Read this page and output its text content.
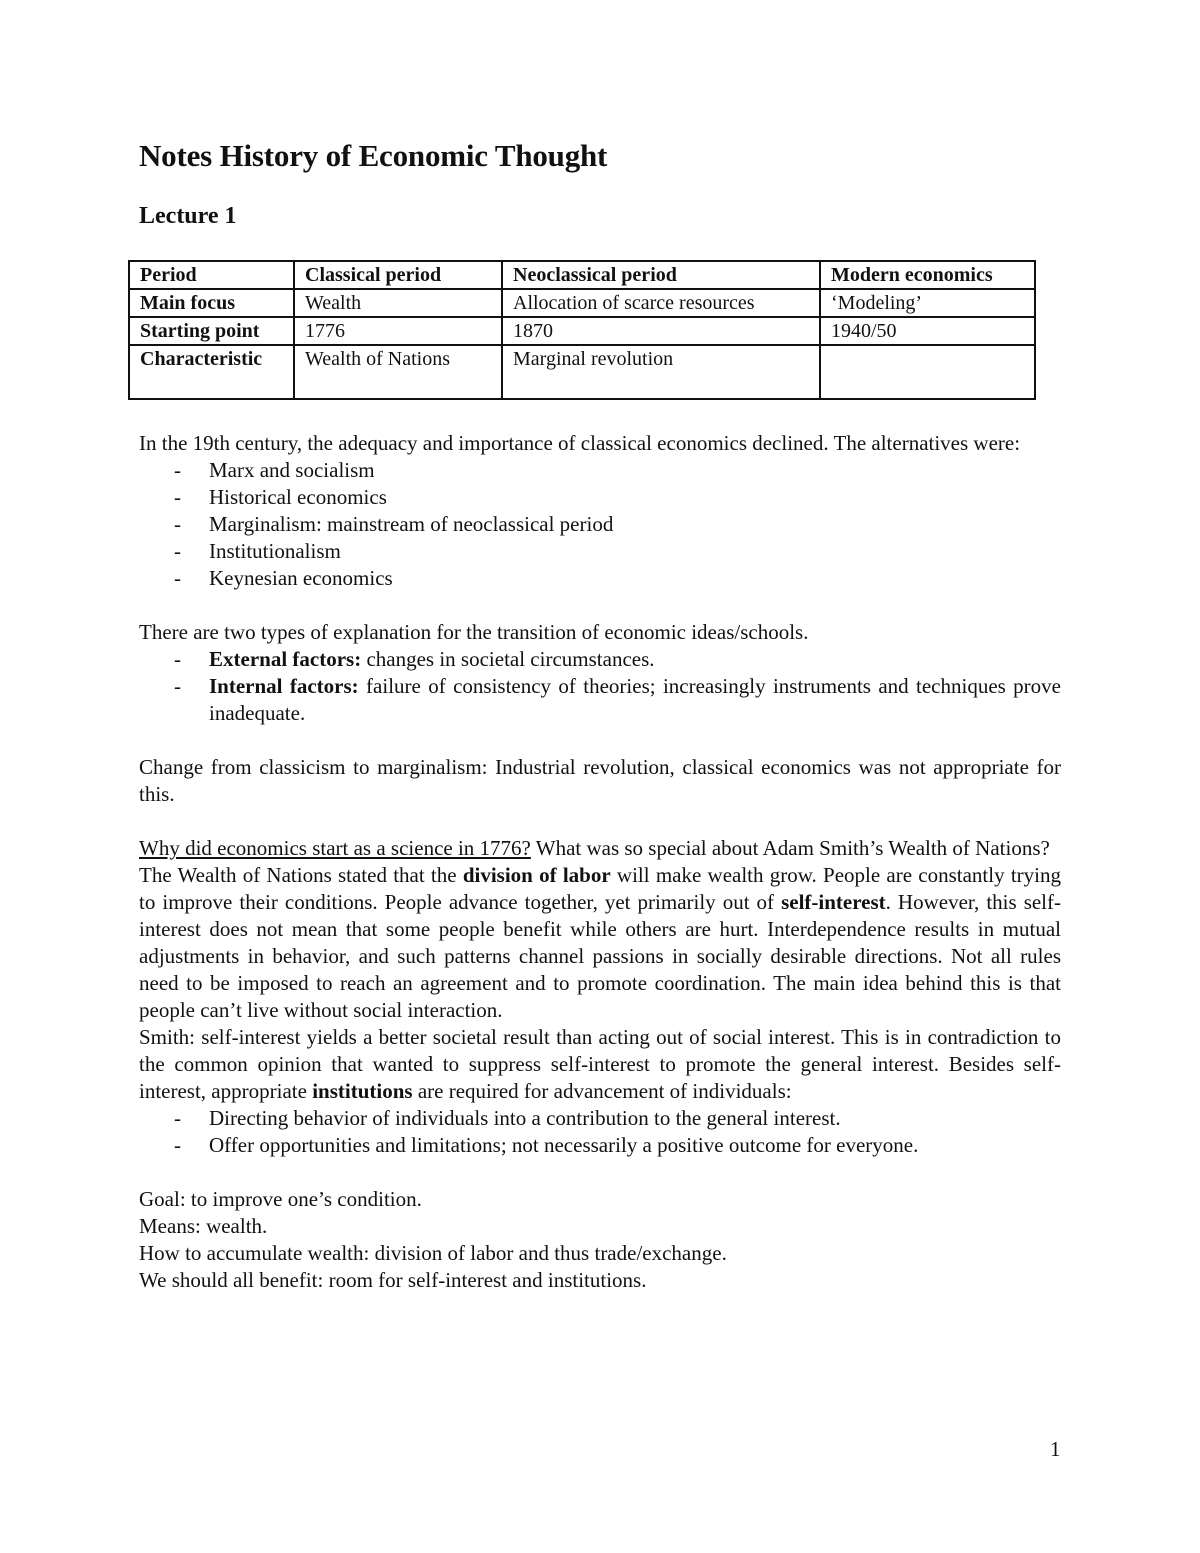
Notes History of Economic Thought
Lecture 1
Period	Classical period	Neoclassical period	Modern economics
Main focus	Wealth	Allocation of scarce resources	‘Modeling’
Starting point	1776	1870	1940/50
Characteristic	Wealth of Nations	Marginal revolution	

In the 19th century, the adequacy and importance of classical economics declined. The alternatives were:

- Marx and socialism
- Historical economics
- Marginalism: mainstream of neoclassical period
- Institutionalism
- Keynesian economics

There are two types of explanation for the transition of economic ideas/schools.

- External factors: changes in societal circumstances.
- Internal factors: failure of consistency of theories; increasingly instruments and techniques prove inadequate.

Change from classicism to marginalism: Industrial revolution, classical economics was not appropriate for this.

Why did economics start as a science in 1776? What was so special about Adam Smith’s Wealth of Nations?

The Wealth of Nations stated that the division of labor will make wealth grow. People are constantly trying to improve their conditions. People advance together, yet primarily out of self-interest. However, this self-interest does not mean that some people benefit while others are hurt. Interdependence results in mutual adjustments in behavior, and such patterns channel passions in socially desirable directions. Not all rules need to be imposed to reach an agreement and to promote coordination. The main idea behind this is that people can’t live without social interaction.

Smith: self-interest yields a better societal result than acting out of social interest. This is in contradiction to the common opinion that wanted to suppress self-interest to promote the general interest. Besides self-interest, appropriate institutions are required for advancement of individuals:

- Directing behavior of individuals into a contribution to the general interest.
- Offer opportunities and limitations; not necessarily a positive outcome for everyone.

Goal: to improve one’s condition.

Means: wealth.

How to accumulate wealth: division of labor and thus trade/exchange.

We should all benefit: room for self-interest and institutions.

1
